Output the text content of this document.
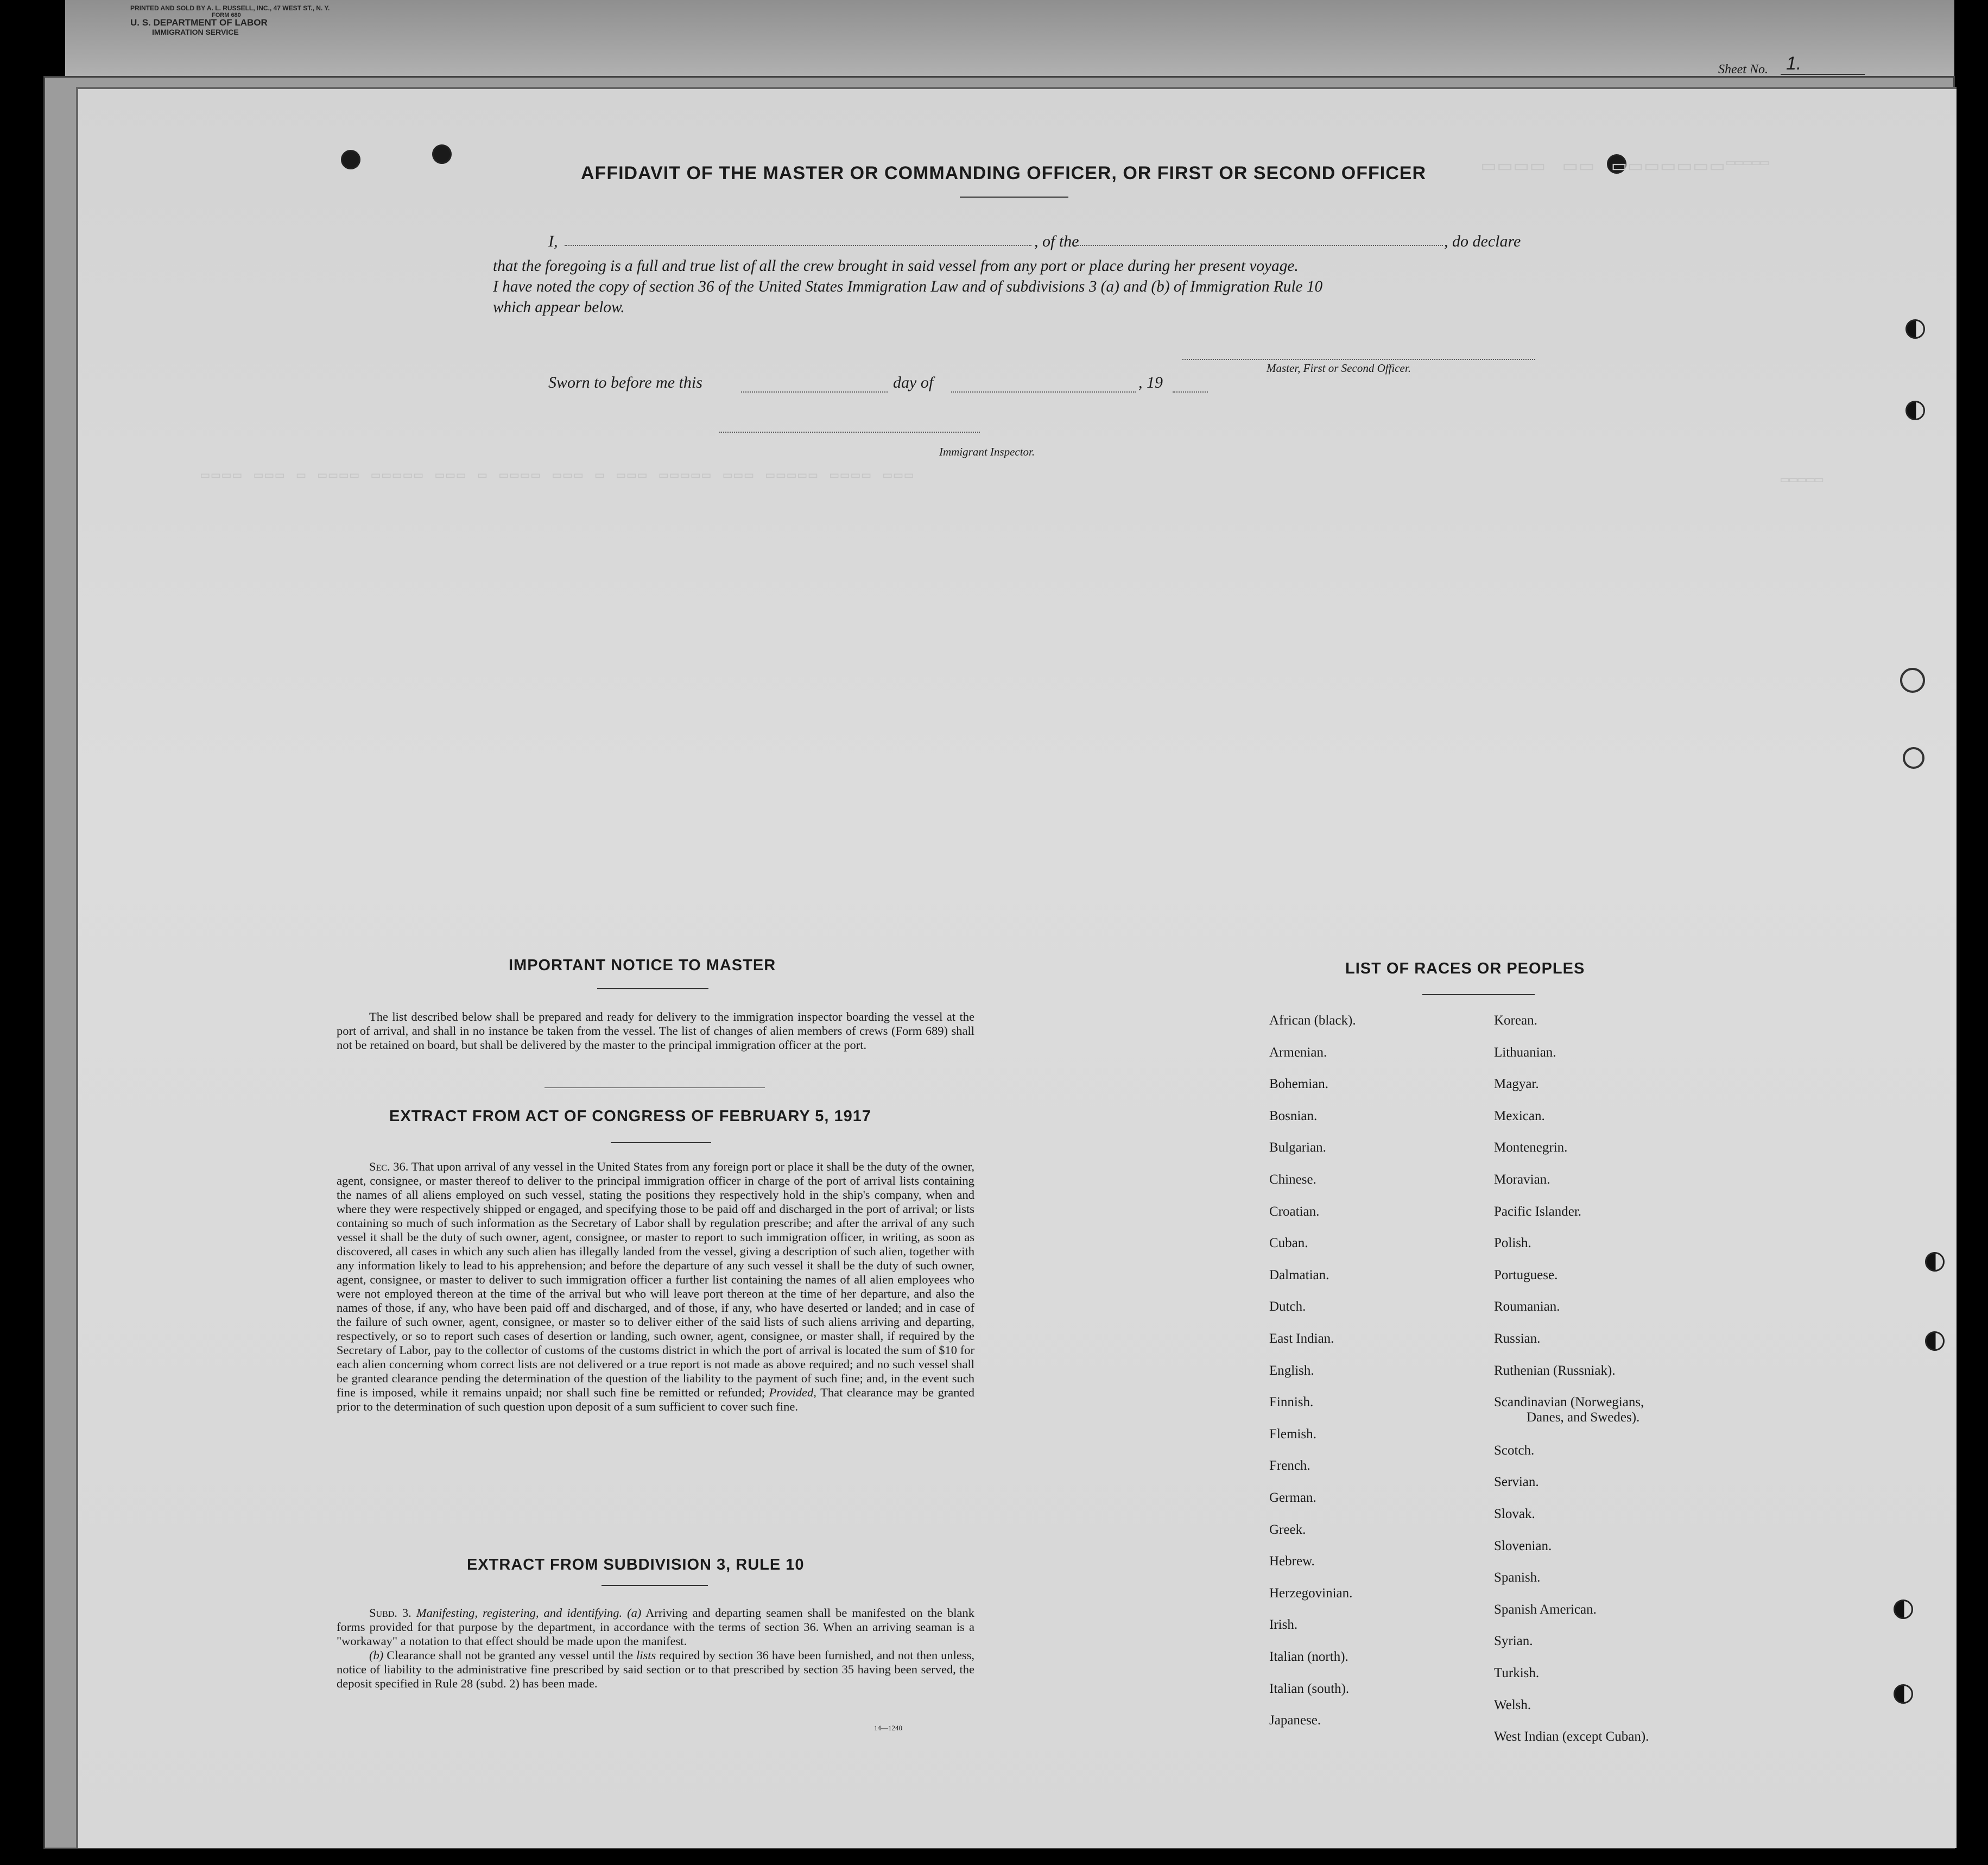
PRINTED AND SOLD BY A. L. RUSSELL, INC., 47 WEST ST., N. Y.
FORM 680
U. S. DEPARTMENT OF LABOR
IMMIGRATION SERVICE
Sheet No. 1.
▭▭▭▭ ▭▭ ▭▭▭▭▭▭▭
▭▭▭▭▭
▭▭▭▭ ▭▭▭ ▭ ▭▭▭▭ ▭▭▭▭▭ ▭▭▭ ▭ ▭▭▭▭ ▭▭▭ ▭ ▭▭▭ ▭▭▭▭▭ ▭▭▭ ▭▭▭▭▭ ▭▭▭▭ ▭▭▭	▭▭▭▭▭
AFFIDAVIT OF THE MASTER OR COMMANDING OFFICER, OR FIRST OR SECOND OFFICER
I,	, of the	, do declare
that the foregoing is a full and true list of all the crew brought in said vessel from any port or place during her present voyage.
I have noted the copy of section 36 of the United States Immigration Law and of subdivisions 3 (a) and (b) of Immigration Rule 10
which appear below.
Master, First or Second Officer.
Sworn to before me this	day of	, 19
Immigrant Inspector.
IMPORTANT NOTICE TO MASTER

The list described below shall be prepared and ready for delivery to the immigration inspector boarding the vessel at the port of arrival, and shall in no instance be taken from the vessel. The list of changes of alien members of crews (Form 689) shall not be retained on board, but shall be delivered by the master to the principal immigration officer at the port.

EXTRACT FROM ACT OF CONGRESS OF FEBRUARY 5, 1917

Sec. 36. That upon arrival of any vessel in the United States from any foreign port or place it shall be the duty of the owner, agent, consignee, or master thereof to deliver to the principal immigration officer in charge of the port of arrival lists containing the names of all aliens employed on such vessel, stating the positions they respectively hold in the ship's company, when and where they were respectively shipped or engaged, and specifying those to be paid off and discharged in the port of arrival; or lists containing so much of such information as the Secretary of Labor shall by regulation prescribe; and after the arrival of any such vessel it shall be the duty of such owner, agent, consignee, or master to report to such immigration officer, in writing, as soon as discovered, all cases in which any such alien has illegally landed from the vessel, giving a description of such alien, together with any information likely to lead to his apprehension; and before the departure of any such vessel it shall be the duty of such owner, agent, consignee, or master to deliver to such immigration officer a further list containing the names of all alien employees who were not employed thereon at the time of the arrival but who will leave port thereon at the time of her departure, and also the names of those, if any, who have been paid off and discharged, and of those, if any, who have deserted or landed; and in case of the failure of such owner, agent, consignee, or master so to deliver either of the said lists of such aliens arriving and departing, respectively, or so to report such cases of desertion or landing, such owner, agent, consignee, or master shall, if required by the Secretary of Labor, pay to the collector of customs of the customs district in which the port of arrival is located the sum of $10 for each alien concerning whom correct lists are not delivered or a true report is not made as above required; and no such vessel shall be granted clearance pending the determination of the question of the liability to the payment of such fine; and, in the event such fine is imposed, while it remains unpaid; nor shall such fine be remitted or refunded; Provided, That clearance may be granted prior to the determination of such question upon deposit of a sum sufficient to cover such fine.

EXTRACT FROM SUBDIVISION 3, RULE 10

Subd. 3. Manifesting, registering, and identifying. (a) Arriving and departing seamen shall be manifested on the blank forms provided for that purpose by the department, in accordance with the terms of section 36. When an arriving seaman is a "workaway" a notation to that effect should be made upon the manifest.

(b) Clearance shall not be granted any vessel until the lists required by section 36 have been furnished, and not then unless, notice of liability to the administrative fine prescribed by said section or to that prescribed by section 35 having been served, the deposit specified in Rule 28 (subd. 2) has been made.

14—1240
LIST OF RACES OR PEOPLES
African (black).
Armenian.
Bohemian.
Bosnian.
Bulgarian.
Chinese.
Croatian.
Cuban.
Dalmatian.
Dutch.
East Indian.
English.
Finnish.
Flemish.
French.
German.
Greek.
Hebrew.
Herzegovinian.
Irish.
Italian (north).
Italian (south).
Japanese.
Korean.
Lithuanian.
Magyar.
Mexican.
Montenegrin.
Moravian.
Pacific Islander.
Polish.
Portuguese.
Roumanian.
Russian.
Ruthenian (Russniak).
Scandinavian (Norwegians,
Danes, and Swedes).
Scotch.
Servian.
Slovak.
Slovenian.
Spanish.
Spanish American.
Syrian.
Turkish.
Welsh.
West Indian (except Cuban).
